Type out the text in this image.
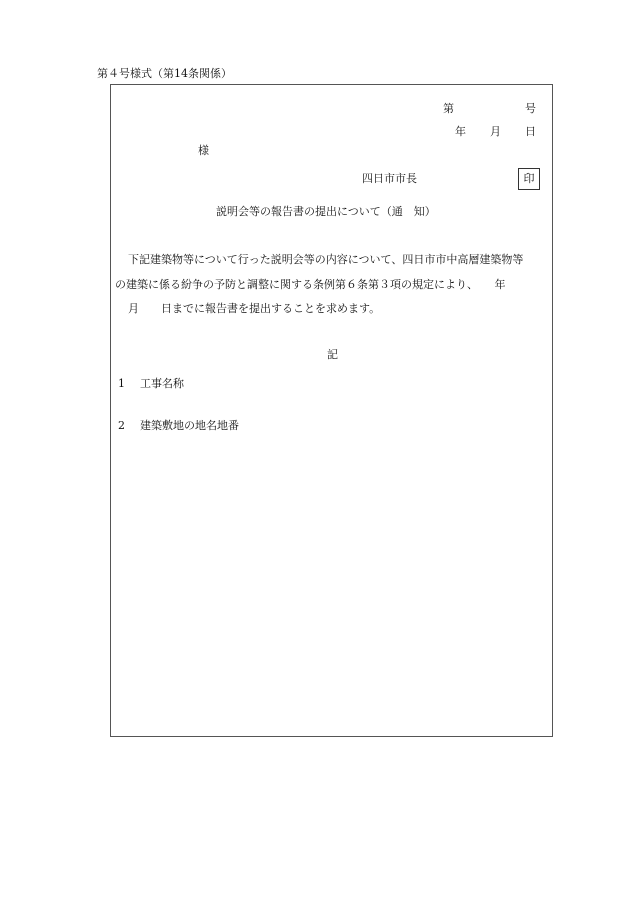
第４号様式（第14条関係）
第	号
年 月 日
様
四日市市長	印
説明会等の報告書の提出について（通　知）
下記建築物等について行った説明会等の内容について、四日市市中高層建築物等
の建築に係る紛争の予防と調整に関する条例第６条第３項の規定により、　　年
月　　日までに報告書を提出することを求めます。
記
1 工事名称
2 建築敷地の地名地番
